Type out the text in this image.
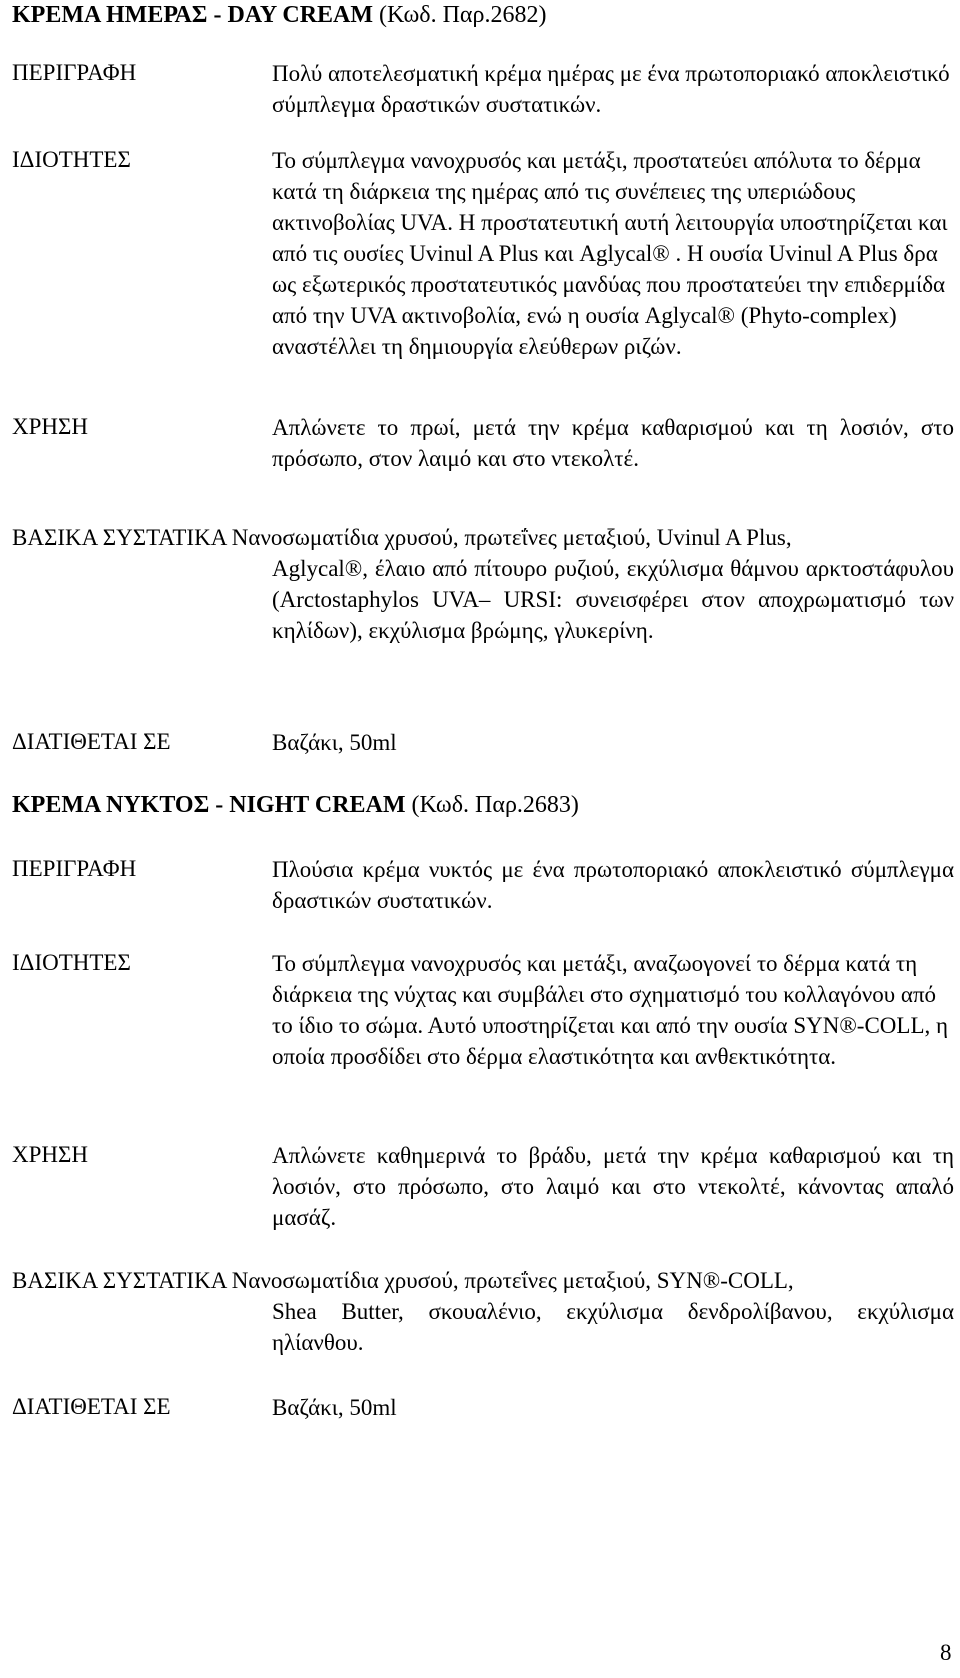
ΚΡΕΜΑ ΗΜΕΡΑΣ - DAY CREAM (Κωδ. Παρ.2682)
ΠΕΡΙΓΡΑΦΗ	Πολύ αποτελεσματική κρέμα ημέρας με ένα πρωτοποριακό αποκλειστικό σύμπλεγμα δραστικών συστατικών.
ΙΔΙΟΤΗΤΕΣ	Το σύμπλεγμα νανοχρυσός και μετάξι, προστατεύει απόλυτα το δέρμα κατά τη διάρκεια της ημέρας από τις συνέπειες της υπεριώδους ακτινοβολίας UVA. Η προστατευτική αυτή λειτουργία υποστηρίζεται και από τις ουσίες Uvinul A Plus και Aglycal® . Η ουσία Uvinul A Plus δρα ως εξωτερικός προστατευτικός μανδύας που προστατεύει την επιδερμίδα από την UVA ακτινοβολία, ενώ η ουσία Aglycal® (Phyto-complex) αναστέλλει τη δημιουργία ελεύθερων ριζών.
ΧΡΗΣΗ	Απλώνετε το πρωί, μετά την κρέμα καθαρισμού και τη λοσιόν, στο πρόσωπο, στον λαιμό και στο ντεκολτέ.
ΒΑΣΙΚΑ ΣΥΣΤΑΤΙΚΑ Νανοσωματίδια χρυσού, πρωτεΐνες μεταξιού, Uvinul A Plus,
Aglycal®, έλαιο από πίτουρο ρυζιού, εκχύλισμα θάμνου αρκτοστάφυλου (Arctostaphylos UVA– URSI: συνεισφέρει στον αποχρωματισμό των κηλίδων), εκχύλισμα βρώμης, γλυκερίνη.
ΔΙΑΤΙΘΕΤΑΙ ΣΕ	Βαζάκι, 50ml
ΚΡΕΜΑ ΝΥΚΤΟΣ - NIGHT CREAM (Κωδ. Παρ.2683)
ΠΕΡΙΓΡΑΦΗ	Πλούσια κρέμα νυκτός με ένα πρωτοποριακό αποκλειστικό σύμπλεγμα δραστικών συστατικών.
ΙΔΙΟΤΗΤΕΣ	Το σύμπλεγμα νανοχρυσός και μετάξι, αναζωογονεί το δέρμα κατά τη διάρκεια της νύχτας και συμβάλει στο σχηματισμό του κολλαγόνου από το ίδιο το σώμα. Αυτό υποστηρίζεται και από την ουσία SYN®-COLL, η οποία προσδίδει στο δέρμα ελαστικότητα και ανθεκτικότητα.
ΧΡΗΣΗ	Απλώνετε καθημερινά το βράδυ, μετά την κρέμα καθαρισμού και τη λοσιόν, στο πρόσωπο, στο λαιμό και στο ντεκολτέ, κάνοντας απαλό μασάζ.
ΒΑΣΙΚΑ ΣΥΣΤΑΤΙΚΑ Νανοσωματίδια χρυσού, πρωτεΐνες μεταξιού, SYN®-COLL,
Shea Butter, σκουαλένιο, εκχύλισμα δενδρολίβανου, εκχύλισμα ηλίανθου.
ΔΙΑΤΙΘΕΤΑΙ ΣΕ	Βαζάκι, 50ml
8
